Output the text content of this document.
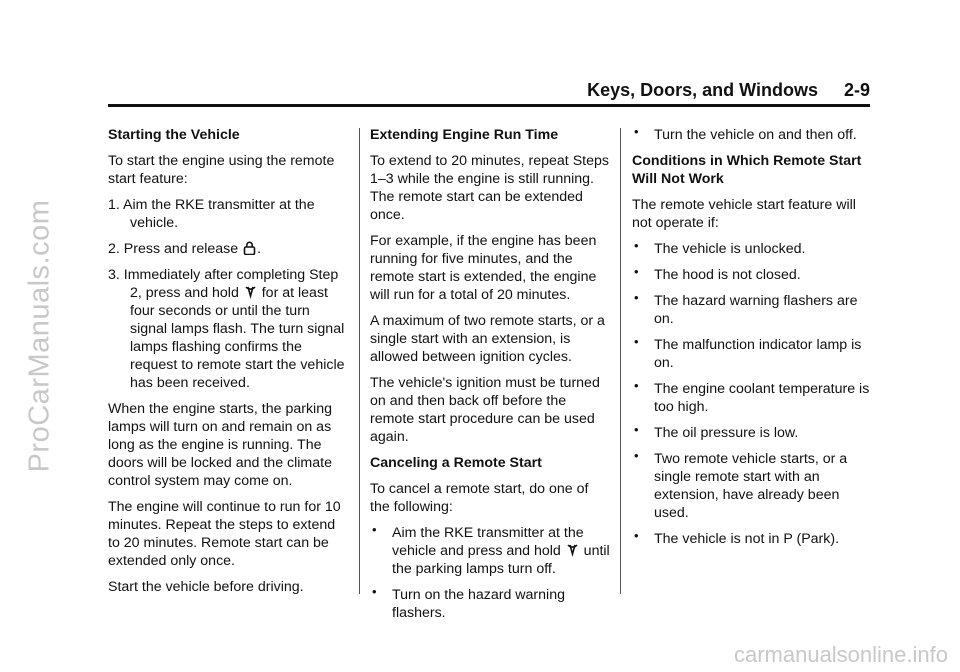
ProCarManuals.com
carmanualsonline.info
Keys, Doors, and Windows 2-9
Starting the Vehicle

To start the engine using the remote start feature:

1. Aim the RKE transmitter at the vehicle.

2. Press and release .

3. Immediately after completing Step 2, press and hold  for at least four seconds or until the turn signal lamps flash. The turn signal lamps flashing confirms the request to remote start the vehicle has been received.

When the engine starts, the parking lamps will turn on and remain on as long as the engine is running. The doors will be locked and the climate control system may come on.

The engine will continue to run for 10 minutes. Repeat the steps to extend to 20 minutes. Remote start can be extended only once.

Start the vehicle before driving.

Extending Engine Run Time

To extend to 20 minutes, repeat Steps 1–3 while the engine is still running. The remote start can be extended once.

For example, if the engine has been running for five minutes, and the remote start is extended, the engine will run for a total of 20 minutes.

A maximum of two remote starts, or a single start with an extension, is allowed between ignition cycles.

The vehicle's ignition must be turned on and then back off before the remote start procedure can be used again.

Canceling a Remote Start

To cancel a remote start, do one of the following:

• Aim the RKE transmitter at the vehicle and press and hold  until the parking lamps turn off.

• Turn on the hazard warning flashers.

• Turn the vehicle on and then off.

Conditions in Which Remote Start Will Not Work

The remote vehicle start feature will not operate if:

• The vehicle is unlocked.

• The hood is not closed.

• The hazard warning flashers are on.

• The malfunction indicator lamp is on.

• The engine coolant temperature is too high.

• The oil pressure is low.

• Two remote vehicle starts, or a single remote start with an extension, have already been used.

• The vehicle is not in P (Park).
